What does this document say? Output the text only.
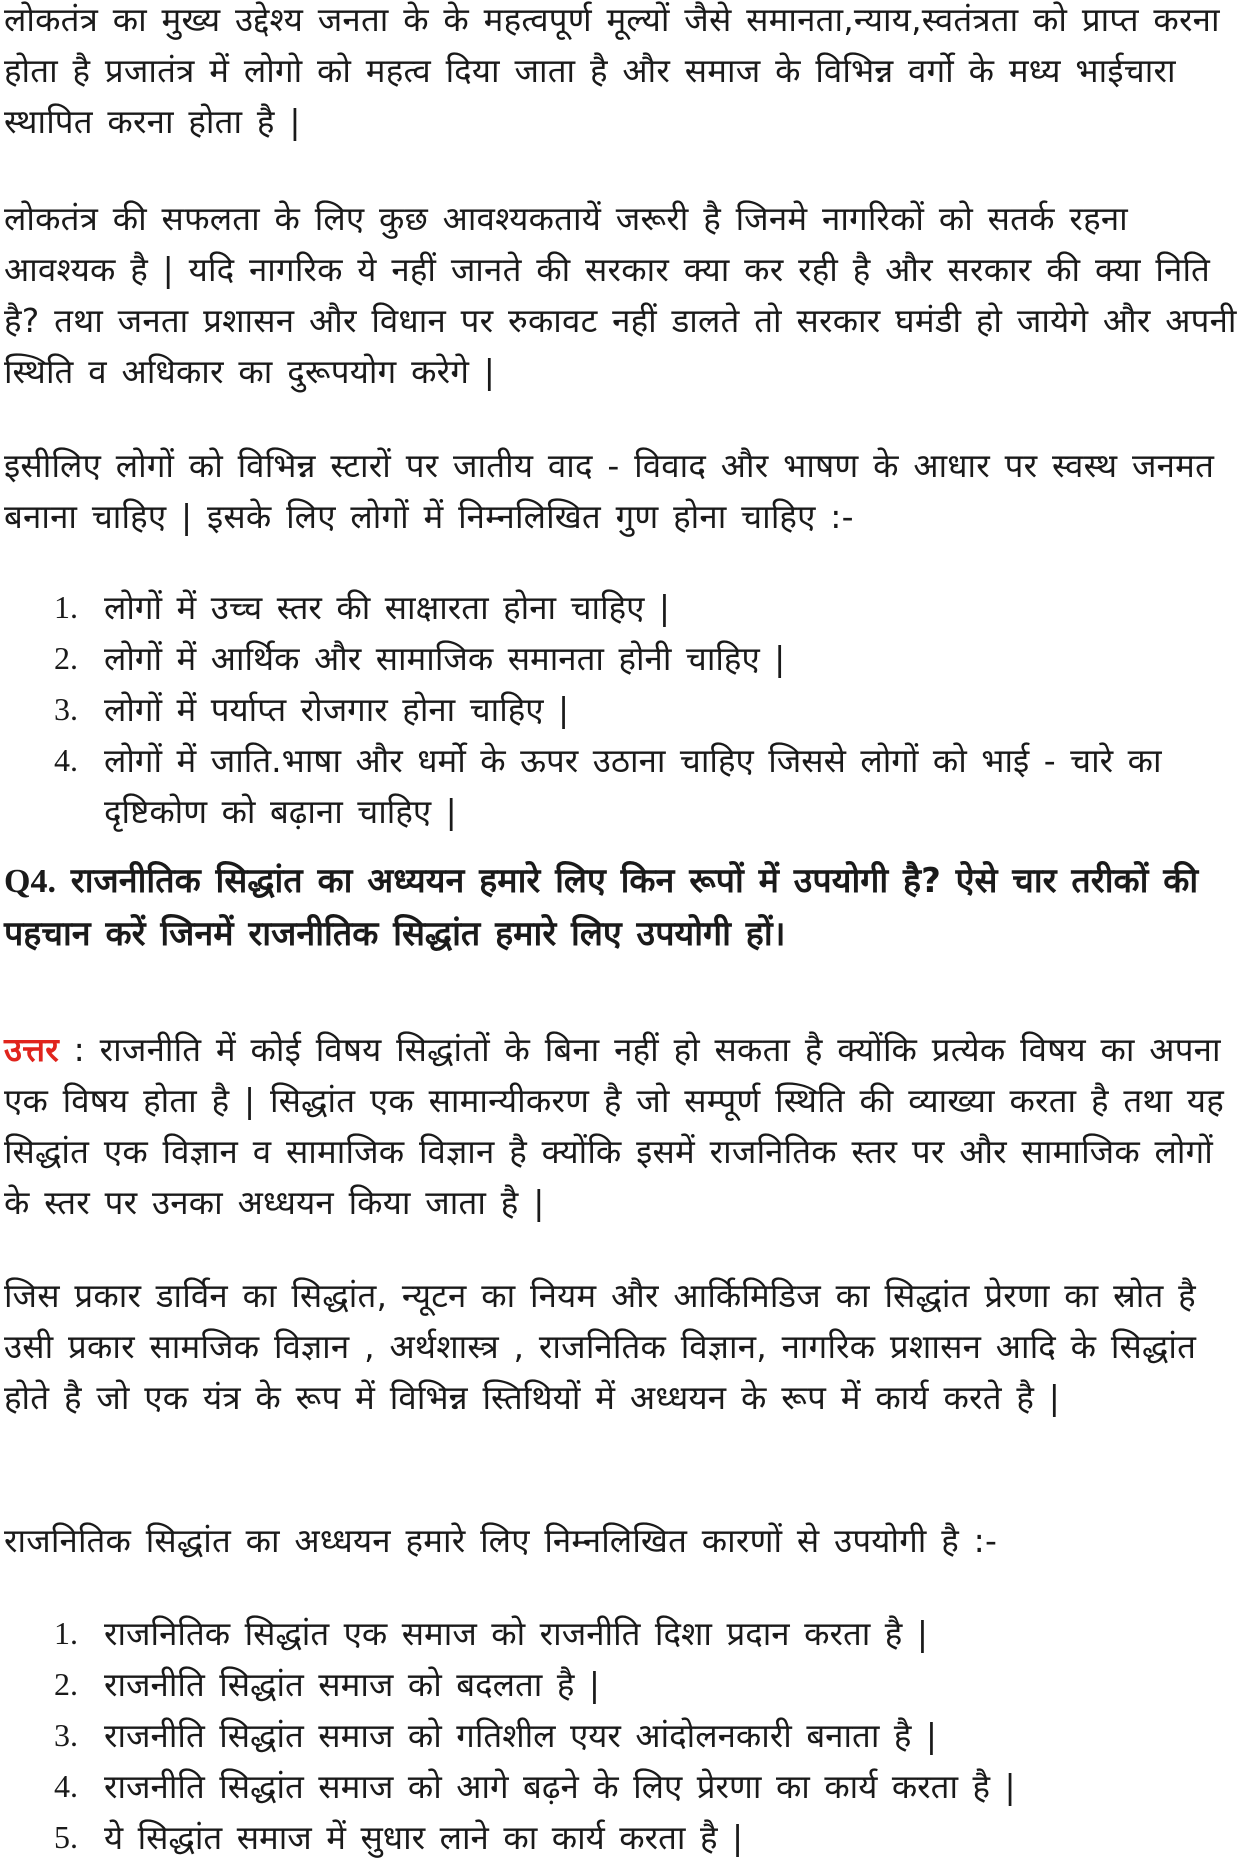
लोकतंत्र का मुख्य उद्देश्य जनता के के महत्वपूर्ण मूल्यों जैसे समानता,न्याय,स्वतंत्रता को प्राप्त करना होता है प्रजातंत्र में लोगो को महत्व दिया जाता है और समाज के विभिन्न वर्गो के मध्य भाईचारा स्थापित करना होता है |

लोकतंत्र की सफलता के लिए कुछ आवश्यकतायें जरूरी है जिनमे नागरिकों को सतर्क रहना आवश्यक है | यदि नागरिक ये नहीं जानते की सरकार क्या कर रही है और सरकार की क्या निति है? तथा जनता प्रशासन और विधान पर रुकावट नहीं डालते तो सरकार घमंडी हो जायेगे और अपनी स्थिति व अधिकार का दुरूपयोग करेगे |

इसीलिए लोगों को विभिन्न स्टारों पर जातीय वाद - विवाद और भाषण के आधार पर स्वस्थ जनमत बनाना चाहिए | इसके लिए लोगों में निम्नलिखित गुण होना चाहिए :-

1. लोगों में उच्च स्तर की साक्षारता होना चाहिए |
2. लोगों में आर्थिक और सामाजिक समानता होनी चाहिए |
3. लोगों में पर्याप्त रोजगार होना चाहिए |
4. लोगों में जाति.भाषा और धर्मो के ऊपर उठाना चाहिए जिससे लोगों को भाई - चारे का दृष्टिकोण को बढ़ाना चाहिए |

Q4. राजनीतिक सिद्धांत का अध्ययन हमारे लिए किन रूपों में उपयोगी है? ऐसे चार तरीकों की पहचान करें जिनमें राजनीतिक सिद्धांत हमारे लिए उपयोगी हों।

उत्तर : राजनीति में कोई विषय सिद्धांतों के बिना नहीं हो सकता है क्योंकि प्रत्येक विषय का अपना एक विषय होता है | सिद्धांत एक सामान्यीकरण है जो सम्पूर्ण स्थिति की व्याख्या करता है तथा यह सिद्धांत एक विज्ञान व सामाजिक विज्ञान है क्योंकि इसमें राजनितिक स्तर पर और सामाजिक लोगों के स्तर पर उनका अध्धयन किया जाता है |

जिस प्रकार डार्विन का सिद्धांत, न्यूटन का नियम और आर्किमिडिज का सिद्धांत प्रेरणा का स्रोत है उसी प्रकार सामजिक विज्ञान , अर्थशास्त्र , राजनितिक विज्ञान, नागरिक प्रशासन आदि के सिद्धांत होते है जो एक यंत्र के रूप में विभिन्न स्तिथियों में अध्धयन के रूप में कार्य करते है |

राजनितिक सिद्धांत का अध्धयन हमारे लिए निम्नलिखित कारणों से उपयोगी है :-

1. राजनितिक सिद्धांत एक समाज को राजनीति दिशा प्रदान करता है |
2. राजनीति सिद्धांत समाज को बदलता है |
3. राजनीति सिद्धांत समाज को गतिशील एयर आंदोलनकारी बनाता है |
4. राजनीति सिद्धांत समाज को आगे बढ़ने के लिए प्रेरणा का कार्य करता है |
5. ये सिद्धांत समाज में सुधार लाने का कार्य करता है |
